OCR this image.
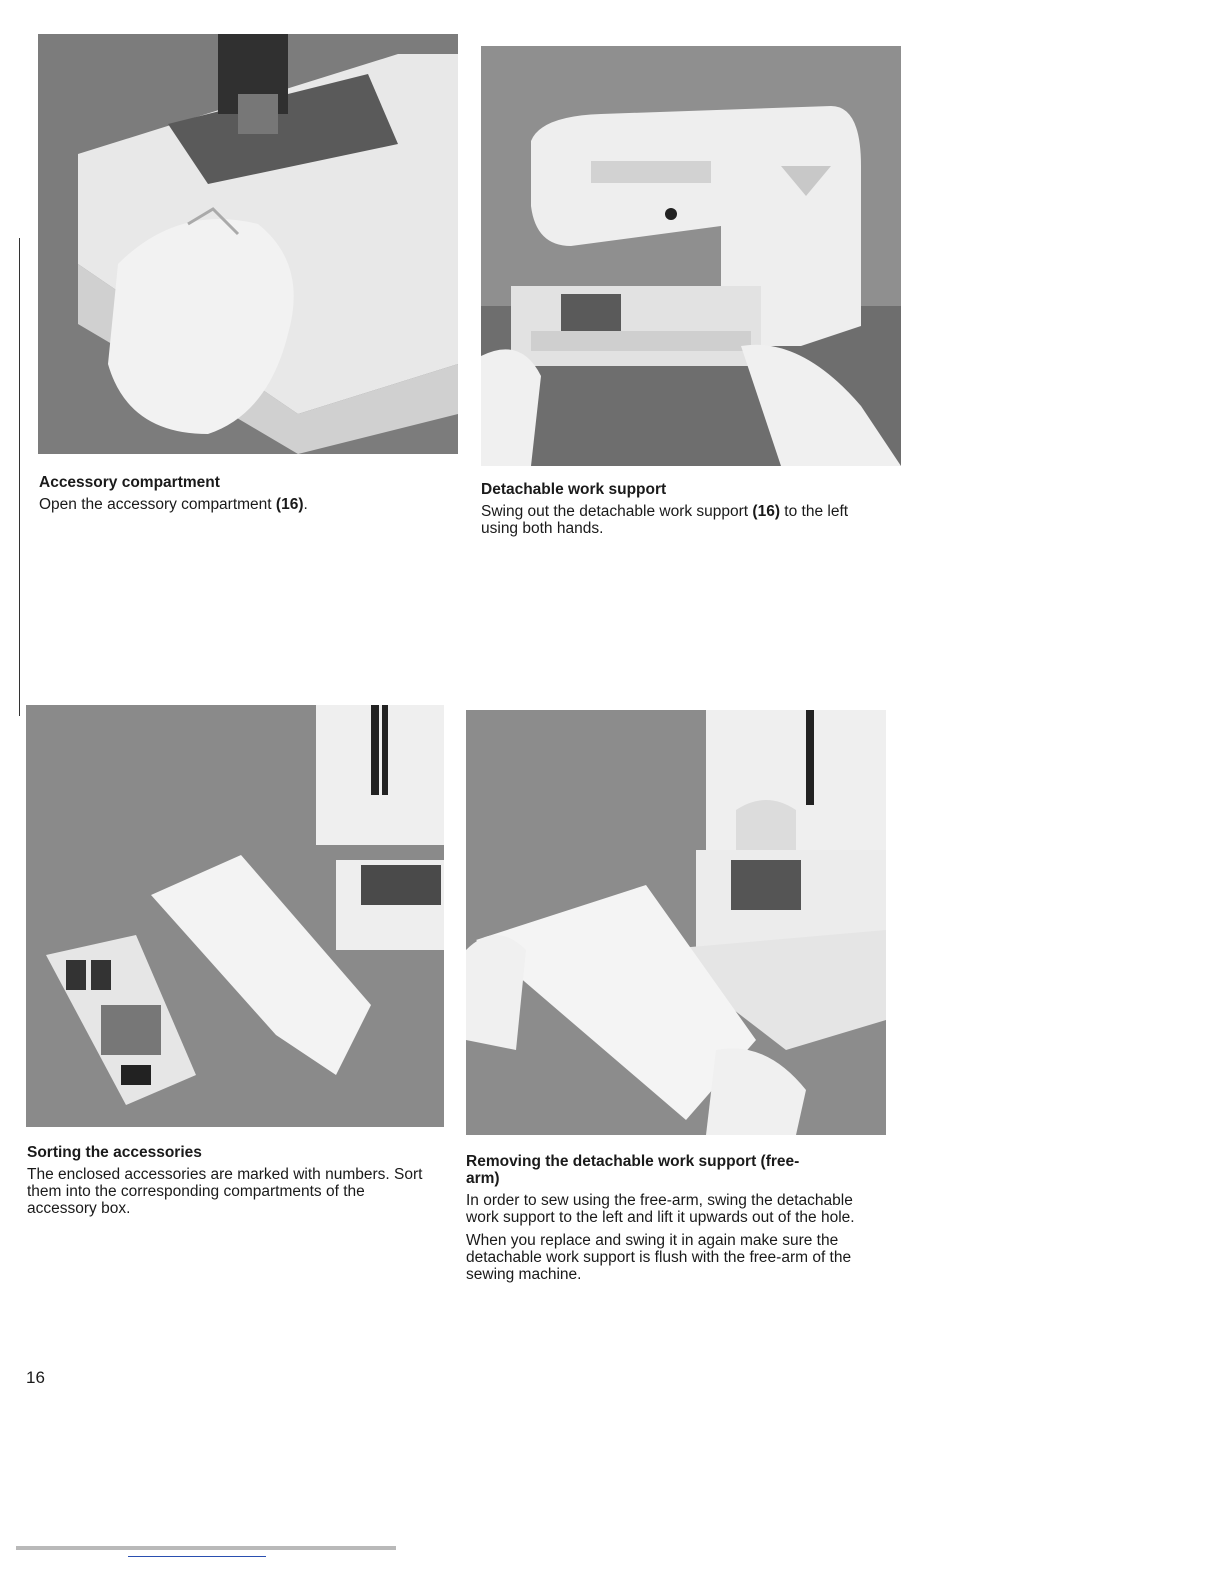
Accessory compartment

Open the accessory compartment (16).

Detachable work support

Swing out the detachable work support (16) to the left using both hands.

Sorting the accessories

The enclosed accessories are marked with numbers. Sort them into the corresponding compartments of the accessory box.

Removing the detachable work support (free-arm)

In order to sew using the free-arm, swing the detachable work support to the left and lift it upwards out of the hole.

When you replace and swing it in again make sure the detachable work support is flush with the free-arm of the sewing machine.

16
